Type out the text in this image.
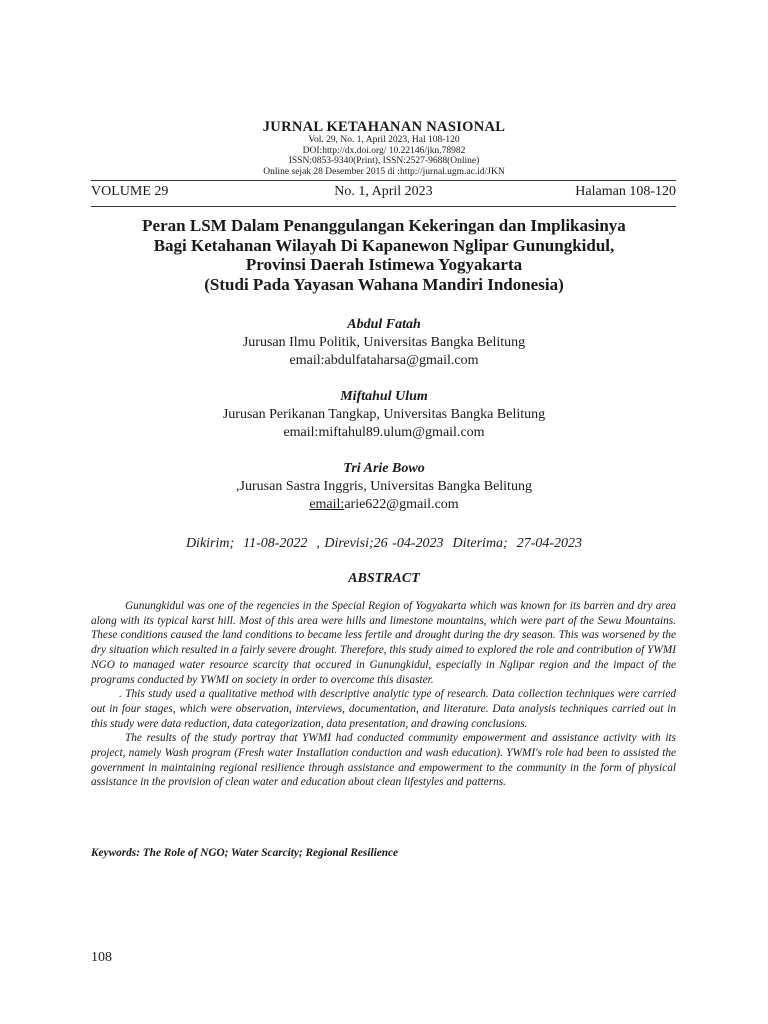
JURNAL KETAHANAN NASIONAL
Vol. 29, No. 1, April 2023, Hal 108-120
DOI:http://dx.doi.org/ 10.22146/jkn.78982
ISSN:0853-9340(Print), ISSN:2527-9688(Online)
Online sejak 28 Desember 2015 di :http://jurnal.ugm.ac.id/JKN
VOLUME 29	No. 1, April 2023	Halaman 108-120
Peran LSM Dalam Penanggulangan Kekeringan dan Implikasinya
Bagi Ketahanan Wilayah Di Kapanewon Nglipar Gunungkidul,
Provinsi Daerah Istimewa Yogyakarta
(Studi Pada Yayasan Wahana Mandiri Indonesia)
Abdul Fatah
Jurusan Ilmu Politik, Universitas Bangka Belitung
email:abdulfataharsa@gmail.com
Miftahul Ulum
Jurusan Perikanan Tangkap, Universitas Bangka Belitung
email:miftahul89.ulum@gmail.com
Tri Arie Bowo
,Jurusan Sastra Inggris, Universitas Bangka Belitung
email:arie622@gmail.com
Dikirim;  11-08-2022  , Direvisi;26 -04-2023  Diterima;  27-04-2023
ABSTRACT

Gunungkidul was one of the regencies in the Special Region of Yogyakarta which was known for its barren and dry area along with its typical karst hill. Most of this area were hills and limestone mountains, which were part of the Sewu Mountains. These conditions caused the land conditions to became less fertile and drought during the dry season. This was worsened by the dry situation which resulted in a fairly severe drought. Therefore, this study aimed to explored the role and contribution of YWMI NGO to managed water resource scarcity that occured in Gunungkidul, especially in Nglipar region and the impact of the programs conducted by YWMI on society in order to overcome this disaster.

. This study used a qualitative method with descriptive analytic type of research. Data collection techniques were carried out in four stages, which were observation, interviews, documentation, and literature. Data analysis techniques carried out in this study were data reduction, data categorization, data presentation, and drawing conclusions.

The results of the study portray that YWMI had conducted community empowerment and assistance activity with its project, namely Wash program (Fresh water Installation conduction and wash education). YWMI's role had been to assisted the government in maintaining regional resilience through assistance and empowerment to the community in the form of physical assistance in the provision of clean water and education about clean lifestyles and patterns.

Keywords: The Role of NGO; Water Scarcity; Regional Resilience
108
